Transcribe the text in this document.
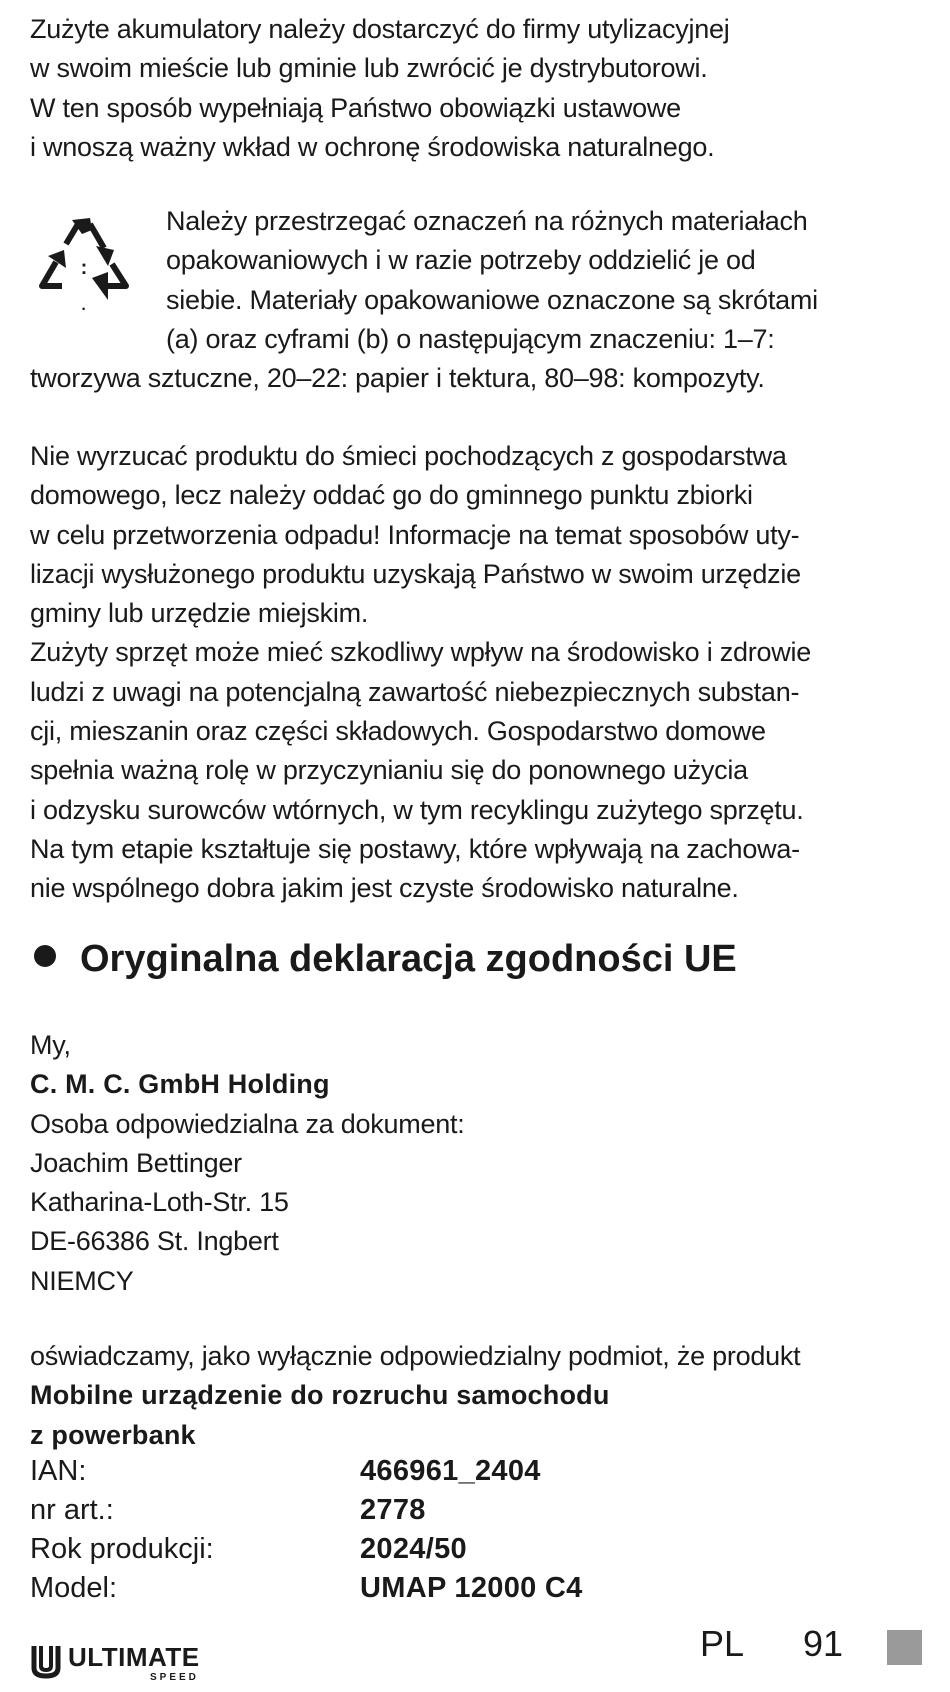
Zużyte akumulatory należy dostarczyć do firmy utylizacyjnej
w swoim mieście lub gminie lub zwrócić je dystrybutorowi.
W ten sposób wypełniają Państwo obowiązki ustawowe
i wnoszą ważny wkład w ochronę środowiska naturalnego.
:
·
Należy przestrzegać oznaczeń na różnych materiałach
opakowaniowych i w razie potrzeby oddzielić je od
siebie. Materiały opakowaniowe oznaczone są skrótami
(a) oraz cyframi (b) o następującym znaczeniu: 1–7:
tworzywa sztuczne, 20–22: papier i tektura, 80–98: kompozyty.
Nie wyrzucać produktu do śmieci pochodzących z gospodarstwa
domowego, lecz należy oddać go do gminnego punktu zbiorki
w celu przetworzenia odpadu! Informacje na temat sposobów uty-
lizacji wysłużonego produktu uzyskają Państwo w swoim urzędzie
gminy lub urzędzie miejskim.
Zużyty sprzęt może mieć szkodliwy wpływ na środowisko i zdrowie
ludzi z uwagi na potencjalną zawartość niebezpiecznych substan-
cji, mieszanin oraz części składowych. Gospodarstwo domowe
spełnia ważną rolę w przyczynianiu się do ponownego użycia
i odzysku surowców wtórnych, w tym recyklingu zużytego sprzętu.
Na tym etapie kształtuje się postawy, które wpływają na zachowa-
nie wspólnego dobra jakim jest czyste środowisko naturalne.
Oryginalna deklaracja zgodności UE
My,
C. M. C. GmbH Holding
Osoba odpowiedzialna za dokument:
Joachim Bettinger
Katharina-Loth-Str. 15
DE-66386 St. Ingbert
NIEMCY
oświadczamy, jako wyłącznie odpowiedzialny podmiot, że produkt
Mobilne urządzenie do rozruchu samochodu
z powerbank
IAN:	466961_2404
nr art.:	2778
Rok produkcji:	2024/50
Model:	UMAP 12000 C4
ULTIMATE
SPEED
PL 91
